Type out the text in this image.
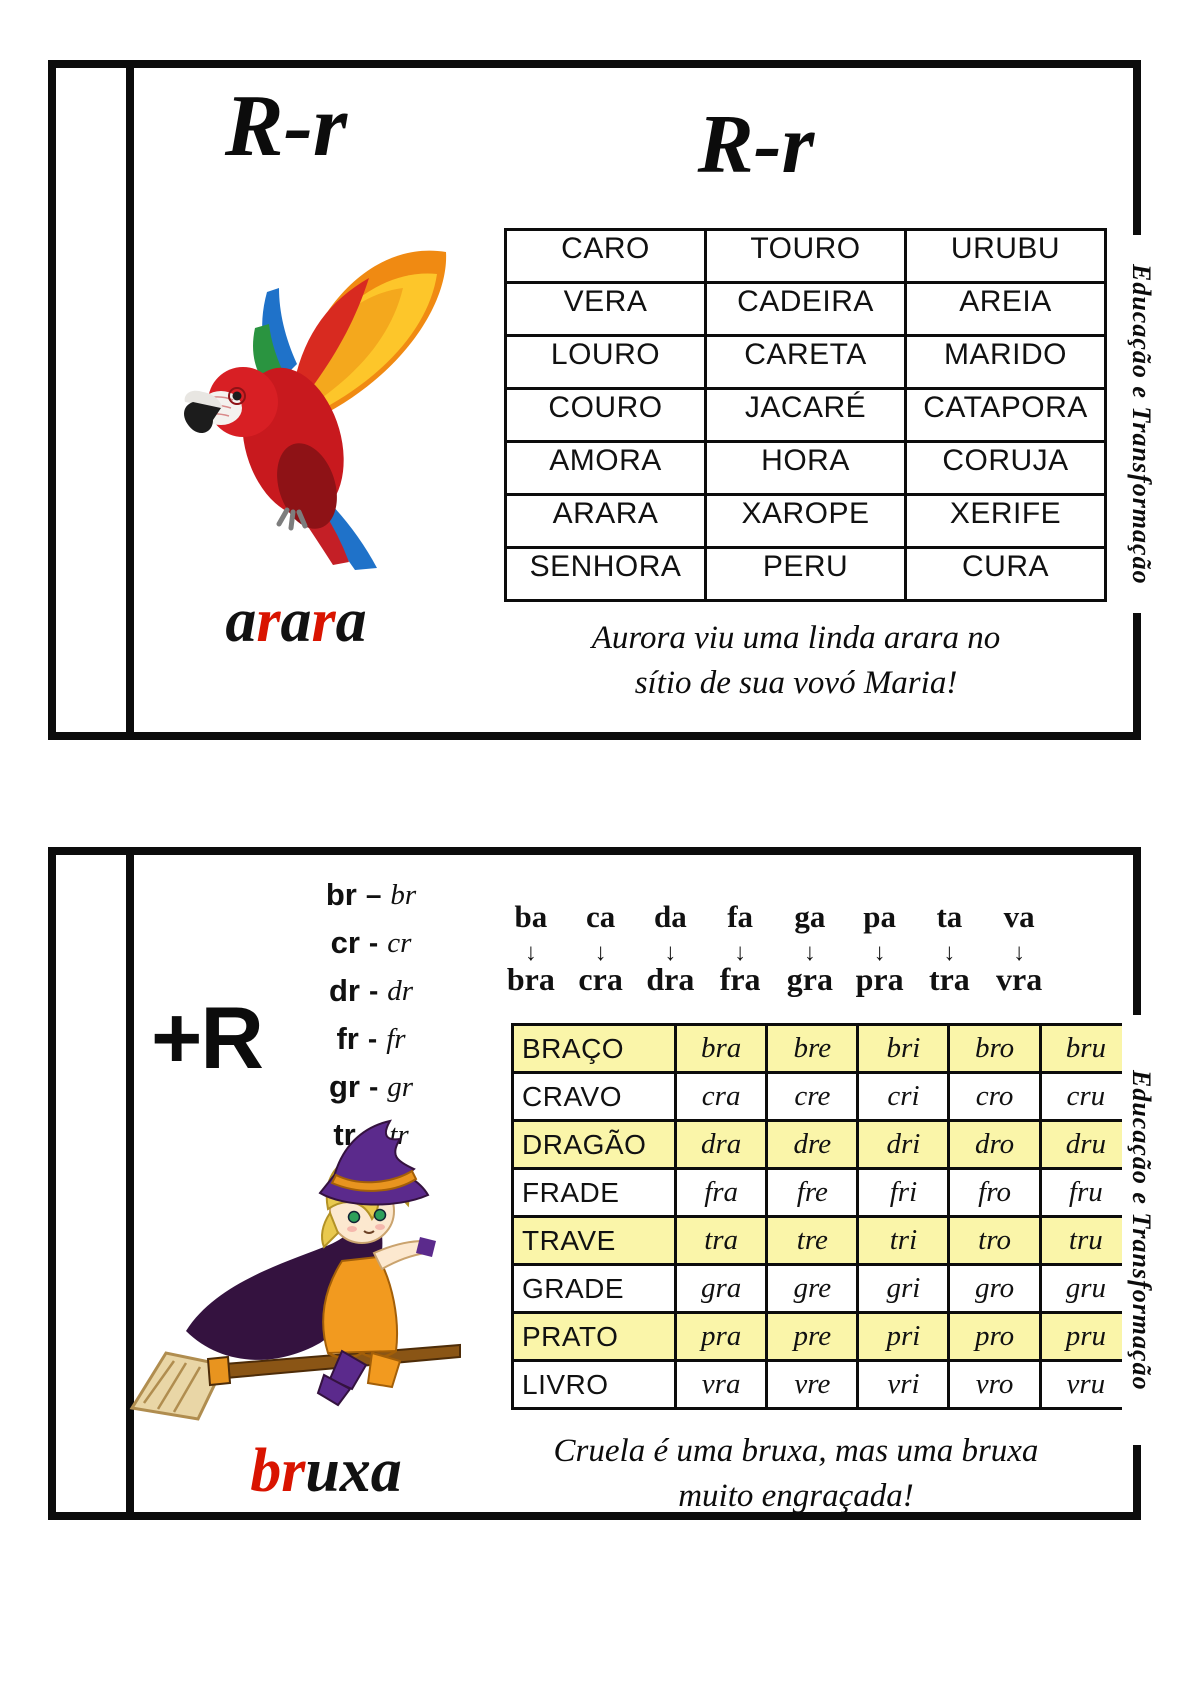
R-r	R-r
arara
CARO	TOURO	URUBU
VERA	CADEIRA	AREIA
LOURO	CARETA	MARIDO
COURO	JACARÉ	CATAPORA
AMORA	HORA	CORUJA
ARARA	XAROPE	XERIFE
SENHORA	PERU	CURA
Aurora viu uma linda arara no
sítio de sua vovó Maria!
Educação e Transformação
+R
br – br
cr - cr
dr - dr
fr - fr
gr - gr
tr tr
ba	ca	da	fa	ga	pa	ta	va
↓	↓	↓	↓	↓	↓	↓	↓
bra cra dra fra gra pra tra vra
BRAÇO	bra	bre	bri	bro	bru
CRAVO	cra	cre	cri	cro	cru
DRAGÃO	dra	dre	dri	dro	dru
FRADE	fra	fre	fri	fro	fru
TRAVE	tra	tre	tri	tro	tru
GRADE	gra	gre	gri	gro	gru
PRATO	pra	pre	pri	pro	pru
LIVRO	vra	vre	vri	vro	vru
bruxa	Cruela é uma bruxa, mas uma bruxa
muito engraçada!
Educação e Transformação
